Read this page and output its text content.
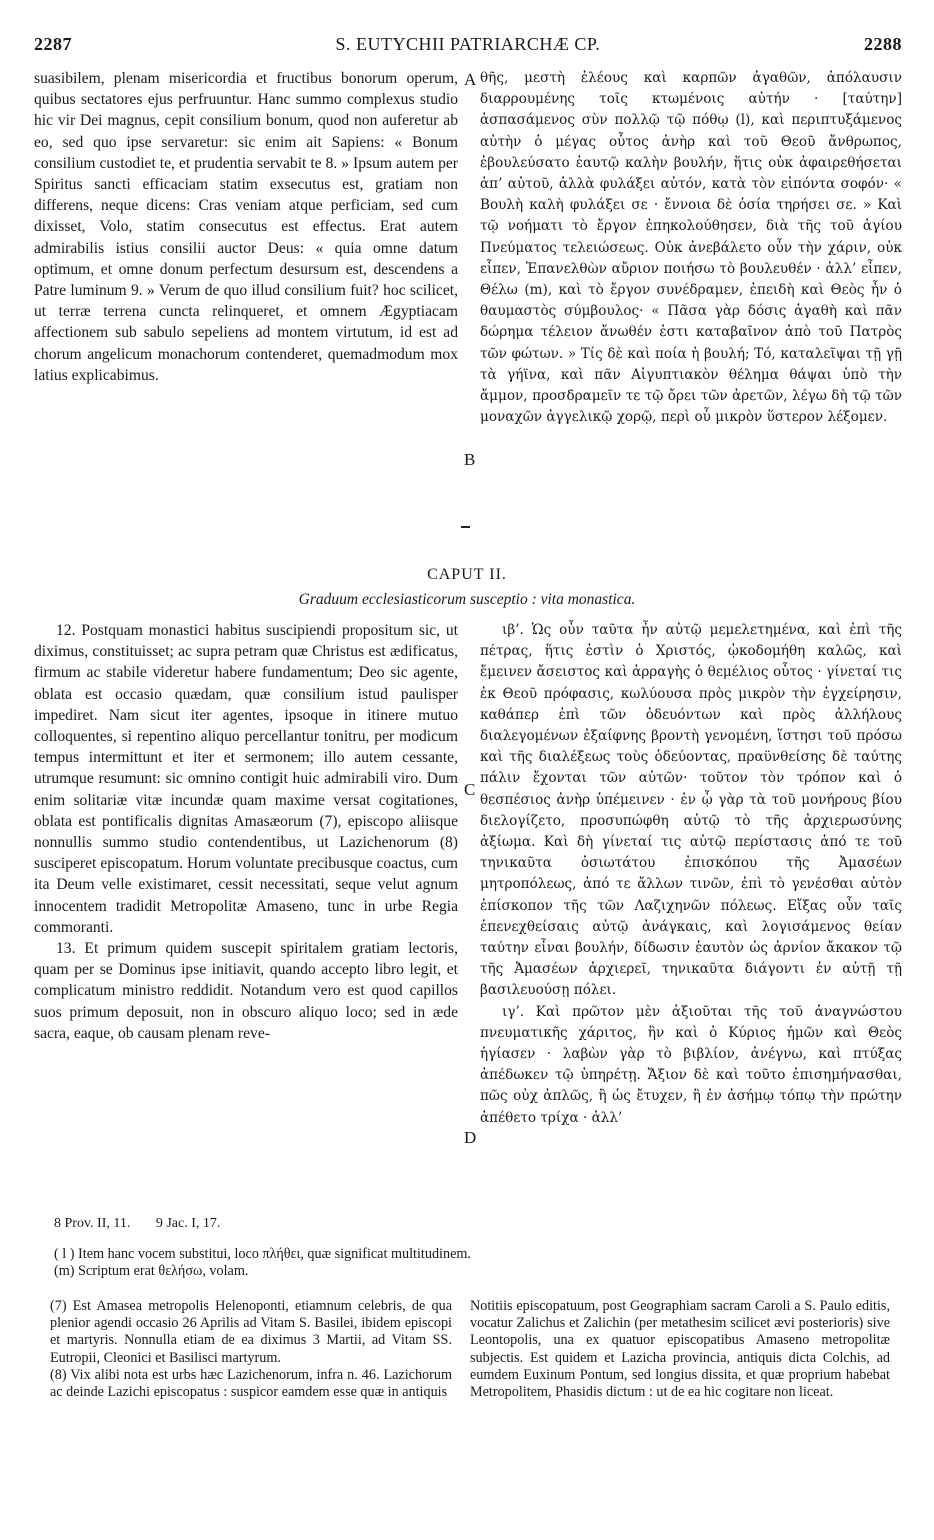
2287	S. EUTYCHII PATRIARCHÆ CP.	2288

suasibilem, plenam misericordia et fructibus bonorum operum, quibus sectatores ejus perfruuntur. Hanc summo complexus studio hic vir Dei magnus, cepit consilium bonum, quod non auferetur ab eo, sed quo ipse servaretur: sic enim ait Sapiens: « Bonum consilium custodiet te, et prudentia servabit te 8. » Ipsum autem per Spiritus sancti efficaciam statim exsecutus est, gratiam non differens, neque dicens: Cras veniam atque perficiam, sed cum dixisset, Volo, statim consecutus est effectus. Erat autem admirabilis istius consilii auctor Deus: « quia omne datum optimum, et omne donum perfectum desursum est, descendens a Patre luminum 9. » Verum de quo illud consilium fuit? hoc scilicet, ut terræ terrena cuncta relinqueret, et omnem Ægyptiacam affectionem sub sabulo sepeliens ad montem virtutum, id est ad chorum angelicum monachorum contenderet, quemadmodum mox latius explicabimus.

θῆς, μεστὴ ἐλέους καὶ καρπῶν ἀγαθῶν, ἀπόλαυσιν διαρρουμένης τοῖς κτωμένοις αὐτήν · [ταύτην] ἀσπασάμενος σὺν πολλῷ τῷ πόθῳ (l), καὶ περιπτυξάμενος αὐτὴν ὁ μέγας οὗτος ἀνὴρ καὶ τοῦ Θεοῦ ἄνθρωπος, ἐβουλεύσατο ἑαυτῷ καλὴν βουλήν, ἥτις οὐκ ἀφαιρεθήσεται ἀπ’ αὐτοῦ, ἀλλὰ φυλάξει αὐτόν, κατὰ τὸν εἰπόντα σοφόν· « Βουλὴ καλὴ φυλάξει σε · ἔννοια δὲ ὁσία τηρήσει σε. » Καὶ τῷ νοήματι τὸ ἔργον ἐπηκολούθησεν, διὰ τῆς τοῦ ἁγίου Πνεύματος τελειώσεως. Οὐκ ἀνεβάλετο οὖν τὴν χάριν, οὐκ εἶπεν, Ἐπανελθὼν αὔριον ποιήσω τὸ βουλευθέν · ἀλλ’ εἶπεν, Θέλω (m), καὶ τὸ ἔργον συνέδραμεν, ἐπειδὴ καὶ Θεὸς ἦν ὁ θαυμαστὸς σύμβουλος· « Πᾶσα γὰρ δόσις ἀγαθὴ καὶ πᾶν δώρημα τέλειον ἄνωθέν ἐστι καταβαῖνον ἀπὸ τοῦ Πατρὸς τῶν φώτων. » Τίς δὲ καὶ ποία ἡ βουλή; Τό, καταλεῖψαι τῇ γῇ τὰ γήϊνα, καὶ πᾶν Αἰγυπτιακὸν θέλημα θάψαι ὑπὸ τὴν ἄμμον, προσδραμεῖν τε τῷ ὄρει τῶν ἀρετῶν, λέγω δὴ τῷ τῶν μοναχῶν ἀγγελικῷ χορῷ, περὶ οὗ μικρὸν ὕστερον λέξομεν.

A
B
C
D
CAPUT II.
Graduum ecclesiasticorum susceptio : vita monastica.

12. Postquam monastici habitus suscipiendi propositum sic, ut diximus, constituisset; ac supra petram quæ Christus est ædificatus, firmum ac stabile videretur habere fundamentum; Deo sic agente, oblata est occasio quædam, quæ consilium istud paulisper impediret. Nam sicut iter agentes, ipsoque in itinere mutuo colloquentes, si repentino aliquo percellantur tonitru, per modicum tempus intermittunt et iter et sermonem; illo autem cessante, utrumque resumunt: sic omnino contigit huic admirabili viro. Dum enim solitariæ vitæ incundæ quam maxime versat cogitationes, oblata est pontificalis dignitas Amasæorum (7), episcopo aliisque nonnullis summo studio contendentibus, ut Lazichenorum (8) susciperet episcopatum. Horum voluntate precibusque coactus, cum ita Deum velle existimaret, cessit necessitati, seque velut agnum innocentem tradidit Metropolitæ Amaseno, tunc in urbe Regia commoranti.

13. Et primum quidem suscepit spiritalem gratiam lectoris, quam per se Dominus ipse initiavit, quando accepto libro legit, et complicatum ministro reddidit. Notandum vero est quod capillos suos primum deposuit, non in obscuro aliquo loco; sed in æde sacra, eaque, ob causam plenam reve-

ιβ’. Ὡς οὖν ταῦτα ἦν αὐτῷ μεμελετημένα, καὶ ἐπὶ τῆς πέτρας, ἥτις ἐστὶν ὁ Χριστός, ᾠκοδομήθη καλῶς, καὶ ἔμεινεν ἄσειστος καὶ ἀρραγὴς ὁ θεμέλιος οὗτος · γίνεταί τις ἐκ Θεοῦ πρόφασις, κωλύουσα πρὸς μικρὸν τὴν ἐγχείρησιν, καθάπερ ἐπὶ τῶν ὁδευόντων καὶ πρὸς ἀλλήλους διαλεγομένων ἐξαίφνης βροντὴ γενομένη, ἵστησι τοῦ πρόσω καὶ τῆς διαλέξεως τοὺς ὁδεύοντας, πραϋνθείσης δὲ ταύτης πάλιν ἔχονται τῶν αὐτῶν· τοῦτον τὸν τρόπον καὶ ὁ θεσπέσιος ἀνὴρ ὑπέμεινεν · ἐν ᾧ γὰρ τὰ τοῦ μονήρους βίου διελογίζετο, προσυπώφθη αὐτῷ τὸ τῆς ἀρχιερωσύνης ἀξίωμα. Καὶ δὴ γίνεταί τις αὐτῷ περίστασις ἀπό τε τοῦ τηνικαῦτα ὁσιωτάτου ἐπισκόπου τῆς Ἀμασέων μητροπόλεως, ἀπό τε ἄλλων τινῶν, ἐπὶ τὸ γενέσθαι αὐτὸν ἐπίσκοπον τῆς τῶν Λαζιχηνῶν πόλεως. Εἴξας οὖν ταῖς ἐπενεχθείσαις αὐτῷ ἀνάγκαις, καὶ λογισάμενος θείαν ταύτην εἶναι βουλήν, δίδωσιν ἑαυτὸν ὡς ἀρνίον ἄκακον τῷ τῆς Ἀμασέων ἀρχιερεῖ, τηνικαῦτα διάγοντι ἐν αὐτῇ τῇ βασιλευούσῃ πόλει.

ιγ’. Καὶ πρῶτον μὲν ἀξιοῦται τῆς τοῦ ἀναγνώστου πνευματικῆς χάριτος, ἣν καὶ ὁ Κύριος ἡμῶν καὶ Θεὸς ἡγίασεν · λαβὼν γὰρ τὸ βιβλίον, ἀνέγνω, καὶ πτύξας ἀπέδωκεν τῷ ὑπηρέτῃ. Ἄξιον δὲ καὶ τοῦτο ἐπισημήνασθαι, πῶς οὐχ ἁπλῶς, ἢ ὡς ἔτυχεν, ἢ ἐν ἀσήμῳ τόπῳ τὴν πρώτην ἀπέθετο τρίχα · ἀλλ’

8 Prov. II, 11. 9 Jac. I, 17.
( l ) Item hanc vocem substitui, loco πλήθει, quæ significat multitudinem.
(m) Scriptum erat θελήσω, volam.

(7) Est Amasea metropolis Helenoponti, etiamnum celebris, de qua plenior agendi occasio 26 Aprilis ad Vitam S. Basilei, ibidem episcopi et martyris. Nonnulla etiam de ea diximus 3 Martii, ad Vitam SS. Eutropii, Cleonici et Basilisci martyrum.

(8) Vix alibi nota est urbs hæc Lazichenorum, infra n. 46. Lazichorum ac deinde Lazichi episcopatus : suspicor eamdem esse quæ in antiquis

Notitiis episcopatuum, post Geographiam sacram Caroli a S. Paulo editis, vocatur Zalichus et Zalichin (per metathesim scilicet ævi posterioris) sive Leontopolis, una ex quatuor episcopatibus Amaseno metropolitæ subjectis. Est quidem et Lazicha provincia, antiquis dicta Colchis, ad eumdem Euxinum Pontum, sed longius dissita, et quæ proprium habebat Metropolitem, Phasidis dictum : ut de ea hic cogitare non liceat.
